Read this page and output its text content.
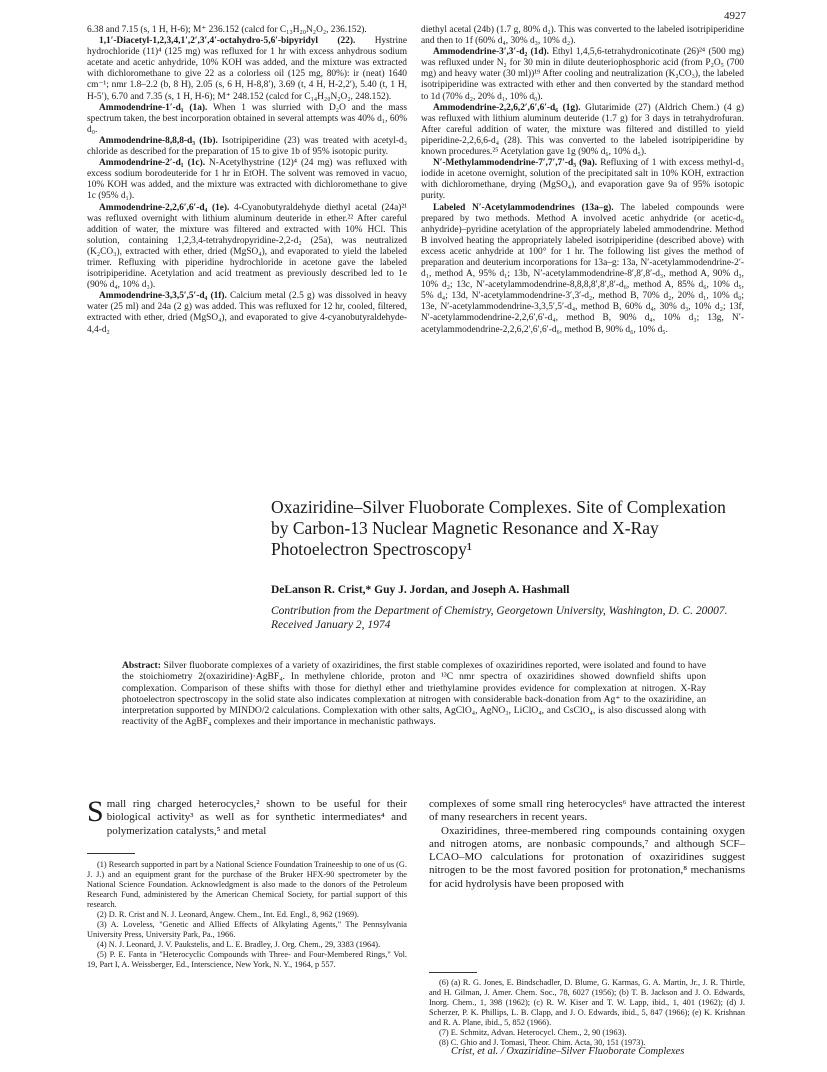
4927

6.38 and 7.15 (s, 1 H, H-6); M⁺ 236.152 (calcd for C₁₃H₂₀N₂O₂, 236.152).

1,1′-Diacetyl-1,2,3,4,1′,2′,3′,4′-octahydro-5,6′-bipyridyl (22). Hystrine hydrochloride (11)⁴ (125 mg) was refluxed for 1 hr with excess anhydrous sodium acetate and acetic anhydride, 10% KOH was added, and the mixture was extracted with dichloromethane to give 22 as a colorless oil (125 mg, 80%): ir (neat) 1640 cm⁻¹; nmr 1.8–2.2 (b, 8 H), 2.05 (s, 6 H, H-8,8′), 3.69 (t, 4 H, H-2,2′), 5.40 (t, 1 H, H-5′), 6.70 and 7.35 (s, 1 H, H-6); M⁺ 248.152 (calcd for C₁₄H₂₀N₂O₂, 248.152).

Ammodendrine-1′-d₁ (1a). When 1 was slurried with D₂O and the mass spectrum taken, the best incorporation obtained in several attempts was 40% d₁, 60% d₀.

Ammodendrine-8,8,8-d₃ (1b). Isotripiperidine (23) was treated with acetyl-d₃ chloride as described for the preparation of 15 to give 1b of 95% isotopic purity.

Ammodendrine-2′-d₁ (1c). N-Acetylhystrine (12)⁴ (24 mg) was refluxed with excess sodium borodeuteride for 1 hr in EtOH. The solvent was removed in vacuo, 10% KOH was added, and the mixture was extracted with dichloromethane to give 1c (95% d₁).

Ammodendrine-2,2,6′,6′-d₄ (1e). 4-Cyanobutyraldehyde diethyl acetal (24a)²¹ was refluxed overnight with lithium aluminum deuteride in ether.²² After careful addition of water, the mixture was filtered and extracted with 10% HCl. This solution, containing 1,2,3,4-tetrahydropyridine-2,2-d₂ (25a), was neutralized (K₂CO₃), extracted with ether, dried (MgSO₄), and evaporated to yield the labeled trimer. Refluxing with piperidine hydrochloride in acetone gave the labeled isotripiperidine. Acetylation and acid treatment as previously described led to 1e (90% d₄, 10% d₃).

Ammodendrine-3,3,5′,5′-d₄ (1f). Calcium metal (2.5 g) was dissolved in heavy water (25 ml) and 24a (2 g) was added. This was refluxed for 12 hr, cooled, filtered, extracted with ether, dried (MgSO₄), and evaporated to give 4-cyanobutyraldehyde-4,4-d₂

diethyl acetal (24b) (1.7 g, 80% d₂). This was converted to the labeled isotripiperidine and then to 1f (60% d₄, 30% d₃, 10% d₂).

Ammodendrine-3′,3′-d₂ (1d). Ethyl 1,4,5,6-tetrahydronicotinate (26)²⁴ (500 mg) was refluxed under N₂ for 30 min in dilute deuteriophosphoric acid (from P₂O₅ (700 mg) and heavy water (30 ml))¹⁹ After cooling and neutralization (K₂CO₃), the labeled isotripiperidine was extracted with ether and then converted by the standard method to 1d (70% d₂, 20% d₁, 10% d₀).

Ammodendrine-2,2,6,2′,6′,6′-d₆ (1g). Glutarimide (27) (Aldrich Chem.) (4 g) was refluxed with lithium aluminum deuteride (1.7 g) for 3 days in tetrahydrofuran. After careful addition of water, the mixture was filtered and distilled to yield piperidine-2,2,6,6-d₄ (28). This was converted to the labeled isotripiperidine by known procedures.²⁵ Acetylation gave 1g (90% d₆, 10% d₅).

N′-Methylammodendrine-7′,7′,7′-d₃ (9a). Refluxing of 1 with excess methyl-d₃ iodide in acetone overnight, solution of the precipitated salt in 10% KOH, extraction with dichloromethane, drying (MgSO₄), and evaporation gave 9a of 95% isotopic purity.

Labeled N′-Acetylammodendrines (13a–g). The labeled compounds were prepared by two methods. Method A involved acetic anhydride (or acetic-d₆ anhydride)–pyridine acetylation of the appropriately labeled ammodendrine. Method B involved heating the appropriately labeled isotripiperidine (described above) with excess acetic anhydride at 100° for 1 hr. The following list gives the method of preparation and deuterium incorporations for 13a–g: 13a, N′-acetylammodendrine-2′-d₁, method A, 95% d₁; 13b, N′-acetylammodendrine-8′,8′,8′-d₃, method A, 90% d₃, 10% d₂; 13c, N′-acetylammodendrine-8,8,8,8′,8′,8′-d₆, method A, 85% d₆, 10% d₅, 5% d₄; 13d, N′-acetylammodendrine-3′,3′-d₂, method B, 70% d₂, 20% d₁, 10% d₀; 13e, N′-acetylammodendrine-3,3,5′,5′-d₄, method B, 60% d₄, 30% d₃, 10% d₂; 13f, N′-acetylammodendrine-2,2,6′,6′-d₄, method B, 90% d₄, 10% d₃; 13g, N′-acetylammodendrine-2,2,6,2′,6′,6′-d₆, method B, 90% d₆, 10% d₅.

Oxaziridine–Silver Fluoborate Complexes. Site of Complexation by Carbon-13 Nuclear Magnetic Resonance and X-Ray Photoelectron Spectroscopy¹
DeLanson R. Crist,* Guy J. Jordan, and Joseph A. Hashmall
Contribution from the Department of Chemistry, Georgetown University, Washington, D. C. 20007. Received January 2, 1974
Abstract: Silver fluoborate complexes of a variety of oxaziridines, the first stable complexes of oxaziridines reported, were isolated and found to have the stoichiometry 2(oxaziridine)·AgBF₄. In methylene chloride, proton and ¹³C nmr spectra of oxaziridines showed downfield shifts upon complexation. Comparison of these shifts with those for diethyl ether and triethylamine provides evidence for complexation at nitrogen. X-Ray photoelectron spectroscopy in the solid state also indicates complexation at nitrogen with considerable back-donation from Ag⁺ to the oxaziridine, an interpretation supported by MINDO/2 calculations. Complexation with other salts, AgClO₄, AgNO₃, LiClO₄, and CsClO₄, is also discussed along with reactivity of the AgBF₄ complexes and their importance in mechanistic pathways.
S mall ring charged heterocycles,² shown to be useful for their biological activity³ as well as for synthetic intermediates⁴ and polymerization catalysts,⁵ and metal

complexes of some small ring heterocycles⁶ have attracted the interest of many researchers in recent years.

Oxaziridines, three-membered ring compounds containing oxygen and nitrogen atoms, are nonbasic compounds,⁷ and although SCF–LCAO–MO calculations for protonation of oxaziridines suggest nitrogen to be the most favored position for protonation,⁸ mechanisms for acid hydrolysis have been proposed with

(1) Research supported in part by a National Science Foundation Traineeship to one of us (G. J. J.) and an equipment grant for the purchase of the Bruker HFX-90 spectrometer by the National Science Foundation. Acknowledgment is also made to the donors of the Petroleum Research Fund, administered by the American Chemical Society, for partial support of this research.

(2) D. R. Crist and N. J. Leonard, Angew. Chem., Int. Ed. Engl., 8, 962 (1969).

(3) A. Loveless, "Genetic and Allied Effects of Alkylating Agents," The Pennsylvania University Press, University Park, Pa., 1966.

(4) N. J. Leonard, J. V. Paukstelis, and L. E. Bradley, J. Org. Chem., 29, 3383 (1964).

(5) P. E. Fanta in "Heterocyclic Compounds with Three- and Four-Membered Rings," Vol. 19, Part I, A. Weissberger, Ed., Interscience, New York, N. Y., 1964, p 557.

(6) (a) R. G. Jones, E. Bindschadler, D. Blume, G. Karmas, G. A. Martin, Jr., J. R. Thirtle, and H. Gilman, J. Amer. Chem. Soc., 78, 6027 (1956); (b) T. B. Jackson and J. O. Edwards, Inorg. Chem., 1, 398 (1962); (c) R. W. Kiser and T. W. Lapp, ibid., 1, 401 (1962); (d) J. Scherzer, P. K. Phillips, L. B. Clapp, and J. O. Edwards, ibid., 5, 847 (1966); (e) K. Krishnan and R. A. Plane, ibid., 5, 852 (1966).

(7) E. Schmitz, Advan. Heterocycl. Chem., 2, 90 (1963).

(8) C. Ghio and J. Tomasi, Theor. Chim. Acta, 30, 151 (1973).

Crist, et al. / Oxaziridine–Silver Fluoborate Complexes
